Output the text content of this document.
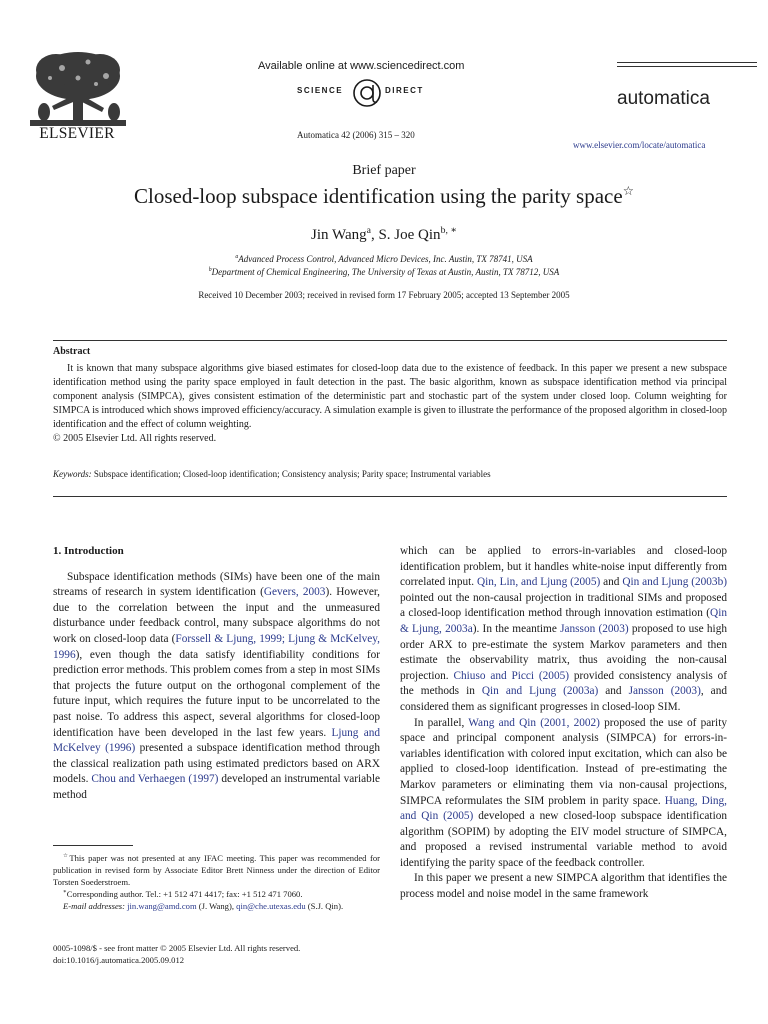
ELSEVIER
Available online at www.sciencedirect.com
SCIENCE	DIRECT
Automatica 42 (2006) 315 – 320
automatica
www.elsevier.com/locate/automatica
Brief paper
Closed-loop subspace identification using the parity space☆
Jin Wang$^a$, S. Joe Qin$^{b, ∗}$
$^a$Advanced Process Control, Advanced Micro Devices, Inc. Austin, TX 78741, USA
$^b$Department of Chemical Engineering, The University of Texas at Austin, Austin, TX 78712, USA
Received 10 December 2003; received in revised form 17 February 2005; accepted 13 September 2005
Abstract

It is known that many subspace algorithms give biased estimates for closed-loop data due to the existence of feedback. In this paper we present a new subspace identification method using the parity space employed in fault detection in the past. The basic algorithm, known as subspace identification method via principal component analysis (SIMPCA), gives consistent estimation of the deterministic part and stochastic part of the system under closed loop. Column weighting for SIMPCA is introduced which shows improved efficiency/accuracy. A simulation example is given to illustrate the performance of the proposed algorithm in closed-loop identification and the effect of column weighting.

© 2005 Elsevier Ltd. All rights reserved.
Keywords: Subspace identification; Closed-loop identification; Consistency analysis; Parity space; Instrumental variables
1. Introduction

Subspace identification methods (SIMs) have been one of the main streams of research in system identification (Gevers, 2003). However, due to the correlation between the input and the unmeasured disturbance under feedback control, many subspace algorithms do not work on closed-loop data (Forssell & Ljung, 1999; Ljung & McKelvey, 1996), even though the data satisfy identifiability conditions for prediction error methods. This problem comes from a step in most SIMs that projects the future output on the orthogonal complement of the future input, which requires the future input to be uncorrelated to the past noise. To address this aspect, several algorithms for closed-loop identification have been developed in the last few years. Ljung and McKelvey (1996) presented a subspace identification method through the classical realization path using estimated predictors based on ARX models. Chou and Verhaegen (1997) developed an instrumental variable method

☆This paper was not presented at any IFAC meeting. This paper was recommended for publication in revised form by Associate Editor Brett Ninness under the direction of Editor Torsten Soederstroem.

∗Corresponding author. Tel.: +1 512 471 4417; fax: +1 512 471 7060.

E-mail addresses: jin.wang@amd.com (J. Wang), qin@che.utexas.edu (S.J. Qin).

0005-1098/$ - see front matter © 2005 Elsevier Ltd. All rights reserved.
doi:10.1016/j.automatica.2005.09.012

which can be applied to errors-in-variables and closed-loop identification problem, but it handles white-noise input differently from correlated input. Qin, Lin, and Ljung (2005) and Qin and Ljung (2003b) pointed out the non-causal projection in traditional SIMs and proposed a closed-loop identification method through innovation estimation (Qin & Ljung, 2003a). In the meantime Jansson (2003) proposed to use high order ARX to pre-estimate the system Markov parameters and then estimate the observability matrix, thus avoiding the non-causal projection. Chiuso and Picci (2005) provided consistency analysis of the methods in Qin and Ljung (2003a) and Jansson (2003), and considered them as significant progresses in closed-loop SIM.

In parallel, Wang and Qin (2001, 2002) proposed the use of parity space and principal component analysis (SIMPCA) for errors-in-variables identification with colored input excitation, which can also be applied to closed-loop identification. Instead of pre-estimating the Markov parameters or eliminating them via non-causal projections, SIMPCA reformulates the SIM problem in parity space. Huang, Ding, and Qin (2005) developed a new closed-loop subspace identification algorithm (SOPIM) by adopting the EIV model structure of SIMPCA, and proposed a revised instrumental variable method to avoid identifying the parity space of the feedback controller.

In this paper we present a new SIMPCA algorithm that identifies the process model and noise model in the same framework
